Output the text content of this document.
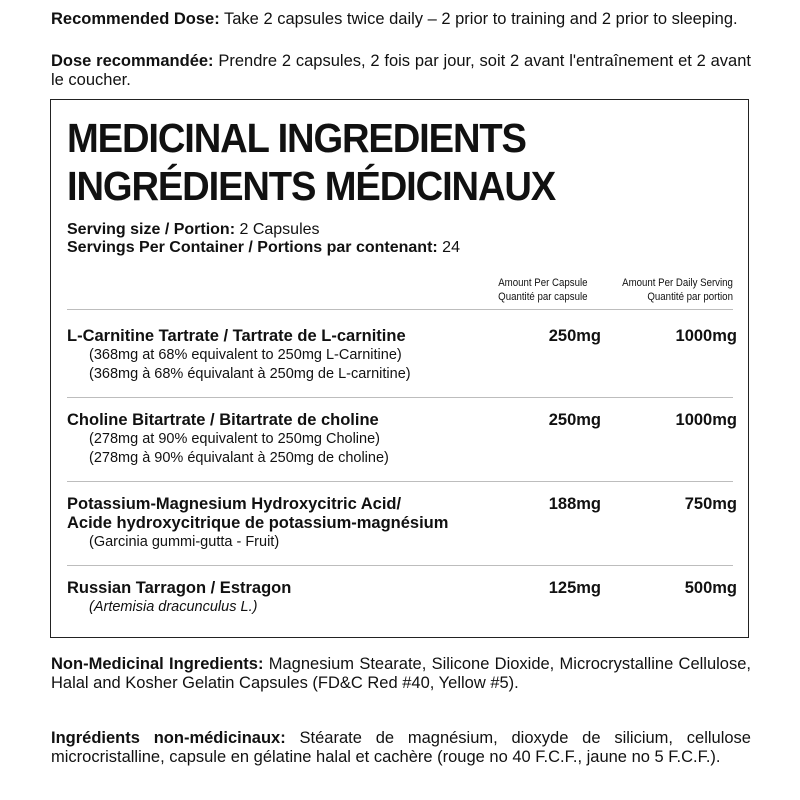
Recommended Dose: Take 2 capsules twice daily – 2 prior to training and 2 prior to sleeping.
Dose recommandée: Prendre 2 capsules, 2 fois par jour, soit 2 avant l'entraînement et 2 avant le coucher.
MEDICINAL INGREDIENTS
INGRÉDIENTS MÉDICINAUX
Serving size / Portion: 2 Capsules
Servings Per Container / Portions par contenant: 24
Amount Per Capsule
Quantité par capsule
Amount Per Daily Serving
Quantité par portion
L-Carnitine Tartrate / Tartrate de L-carnitine
(368mg at 68% equivalent to 250mg L-Carnitine)
(368mg à 68% équivalant à 250mg de L-carnitine)
250mg	1000mg
Choline Bitartrate / Bitartrate de choline
(278mg at 90% equivalent to 250mg Choline)
(278mg à 90% équivalant à 250mg de choline)
250mg	1000mg
Potassium-Magnesium Hydroxycitric Acid/
Acide hydroxycitrique de potassium-magnésium
(Garcinia gummi-gutta - Fruit)
188mg	750mg
Russian Tarragon / Estragon
(Artemisia dracunculus L.)
125mg	500mg
Non-Medicinal Ingredients: Magnesium Stearate, Silicone Dioxide, Microcrystalline Cellulose, Halal and Kosher Gelatin Capsules (FD&C Red #40, Yellow #5).
Ingrédients non-médicinaux: Stéarate de magnésium, dioxyde de silicium, cellulose microcristalline, capsule en gélatine halal et cachère (rouge no 40 F.C.F., jaune no 5 F.C.F.).
